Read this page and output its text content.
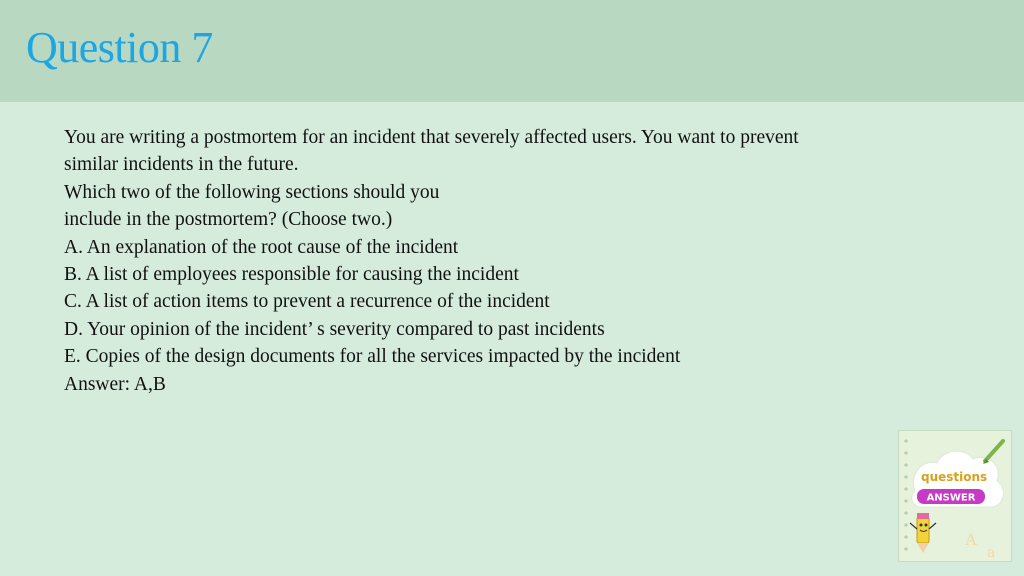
Question 7
You are writing a postmortem for an incident that severely affected users. You want to prevent
similar incidents in the future.
Which two of the following sections should you
include in the postmortem? (Choose two.)
A. An explanation of the root cause of the incident
B. A list of employees responsible for causing the incident
C. A list of action items to prevent a recurrence of the incident
D. Your opinion of the incident’ s severity compared to past incidents
E. Copies of the design documents for all the services impacted by the incident
Answer: A,B
questions
ANSWER
A
a
